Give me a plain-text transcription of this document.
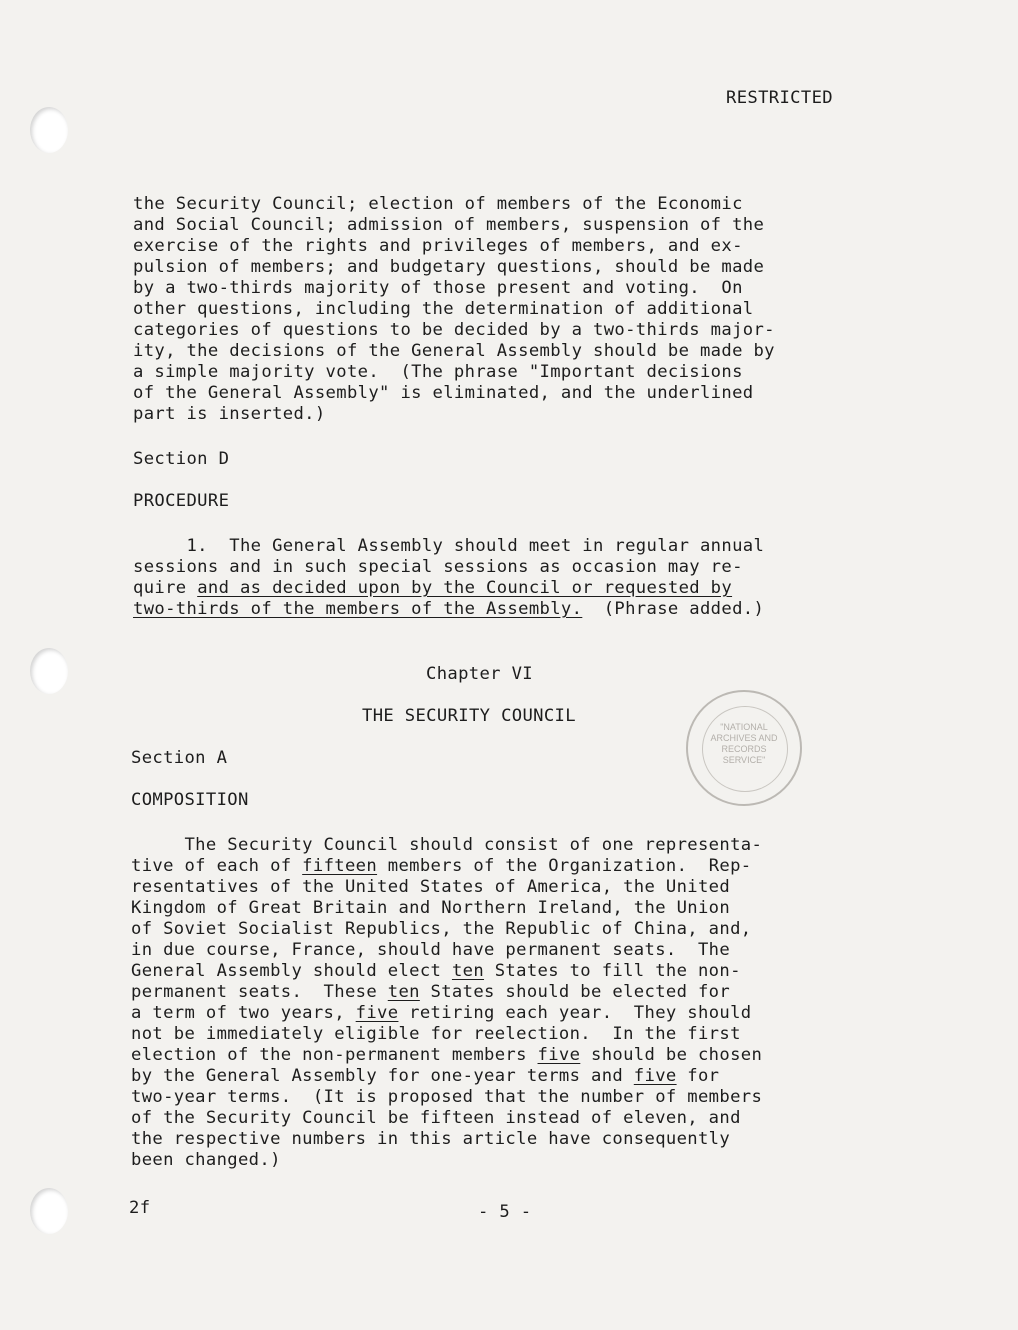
RESTRICTED
the Security Council; election of members of the Economic
and Social Council; admission of members, suspension of the
exercise of the rights and privileges of members, and ex-
pulsion of members; and budgetary questions, should be made
by a two-thirds majority of those present and voting.  On
other questions, including the determination of additional
categories of questions to be decided by a two-thirds major-
ity, the decisions of the General Assembly should be made by
a simple majority vote.  (The phrase "Important decisions
of the General Assembly" is eliminated, and the underlined
part is inserted.)
Section D
PROCEDURE
1.  The General Assembly should meet in regular annual
sessions and in such special sessions as occasion may re-
quire and as decided upon by the Council or requested by
two-thirds of the members of the Assembly.  (Phrase added.)
Chapter VI
THE SECURITY COUNCIL
Section A
COMPOSITION
The Security Council should consist of one representa-
tive of each of fifteen members of the Organization.  Rep-
resentatives of the United States of America, the United
Kingdom of Great Britain and Northern Ireland, the Union
of Soviet Socialist Republics, the Republic of China, and,
in due course, France, should have permanent seats.  The
General Assembly should elect ten States to fill the non-
permanent seats.  These ten States should be elected for
a term of two years, five retiring each year.  They should
not be immediately eligible for reelection.  In the first
election of the non-permanent members five should be chosen
by the General Assembly for one-year terms and five for
two-year terms.  (It is proposed that the number of members
of the Security Council be fifteen instead of eleven, and
the respective numbers in this article have consequently
been changed.)
2f	- 5 -
"NATIONAL
ARCHIVES AND
RECORDS
SERVICE"
